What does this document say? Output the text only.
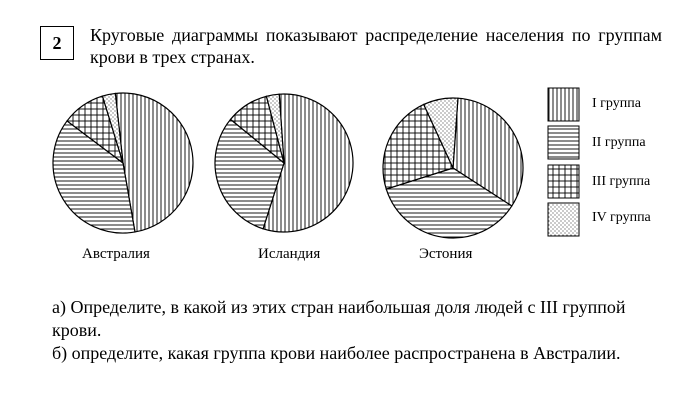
2	Круговые диаграммы показывают распределение населения по группам крови в трех странах.
Австралия	Исландия	Эстония
I группа
II группа
III группа
IV группа
а) Определите, в какой из этих стран наибольшая доля людей с III группой крови.
б) определите, какая группа крови наиболее распространена в Австралии.
